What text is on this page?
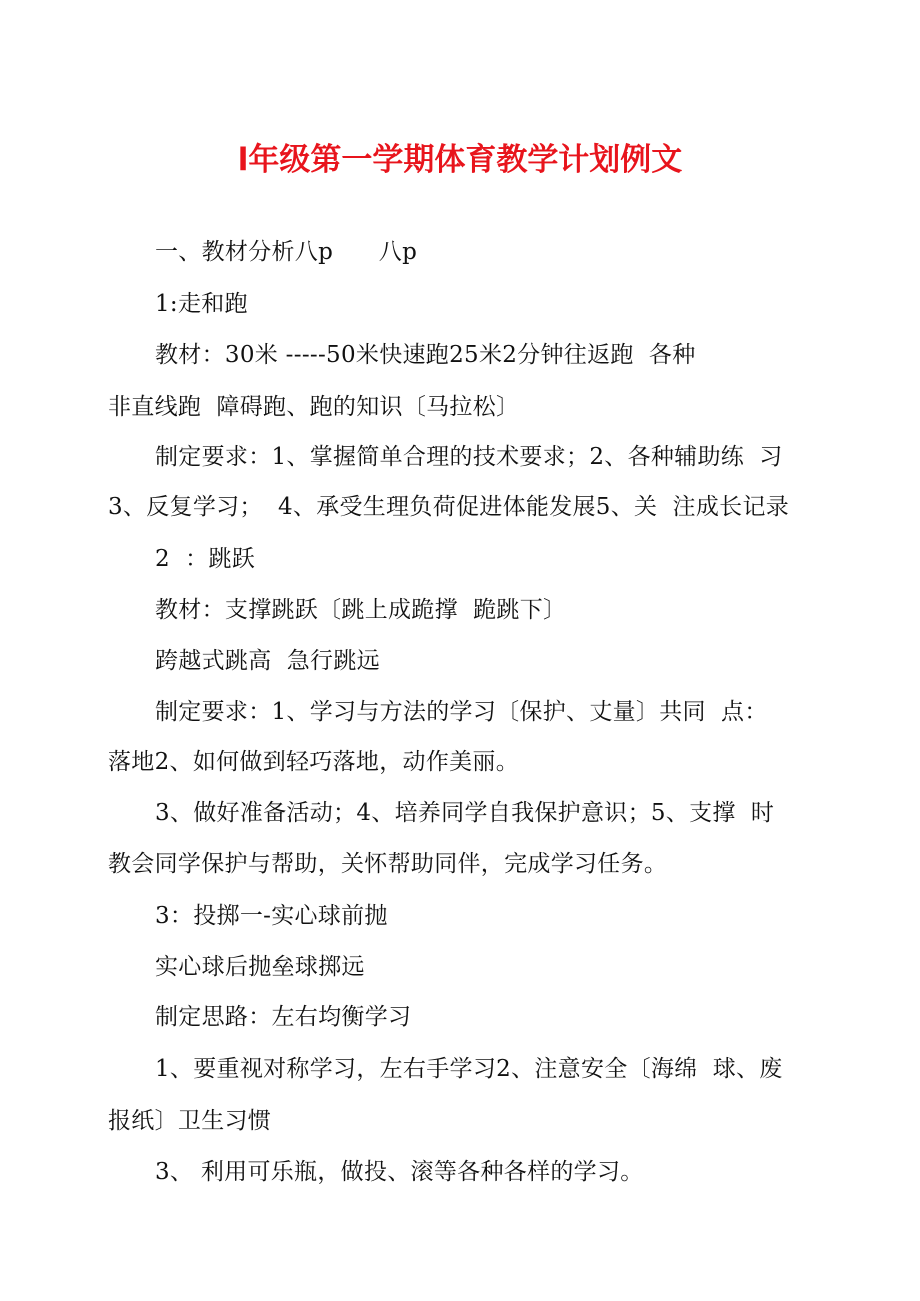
l年级第一学期体育教学计划例文
一、教材分析八p      八p
1:走和跑
教材：30米 -----50米快速跑25米2分钟往返跑  各种
非直线跑  障碍跑、跑的知识〔马拉松〕
制定要求：1、掌握简单合理的技术要求；2、各种辅助练  习
3、反复学习；  4、承受生理负荷促进体能发展5、关  注成长记录
2  ：跳跃
教材：支撑跳跃〔跳上成跪撑  跪跳下〕
跨越式跳高  急行跳远
制定要求：1、学习与方法的学习〔保护、丈量〕共同  点：
落地2、如何做到轻巧落地，动作美丽。
3、做好准备活动；4、培养同学自我保护意识；5、支撑  时
教会同学保护与帮助，关怀帮助同伴，完成学习任务。
3：投掷一-实心球前抛
实心球后抛垒球掷远
制定思路：左右均衡学习
1、要重视对称学习，左右手学习2、注意安全〔海绵  球、废
报纸〕卫生习惯
3、 利用可乐瓶，做投、滚等各种各样的学习。
